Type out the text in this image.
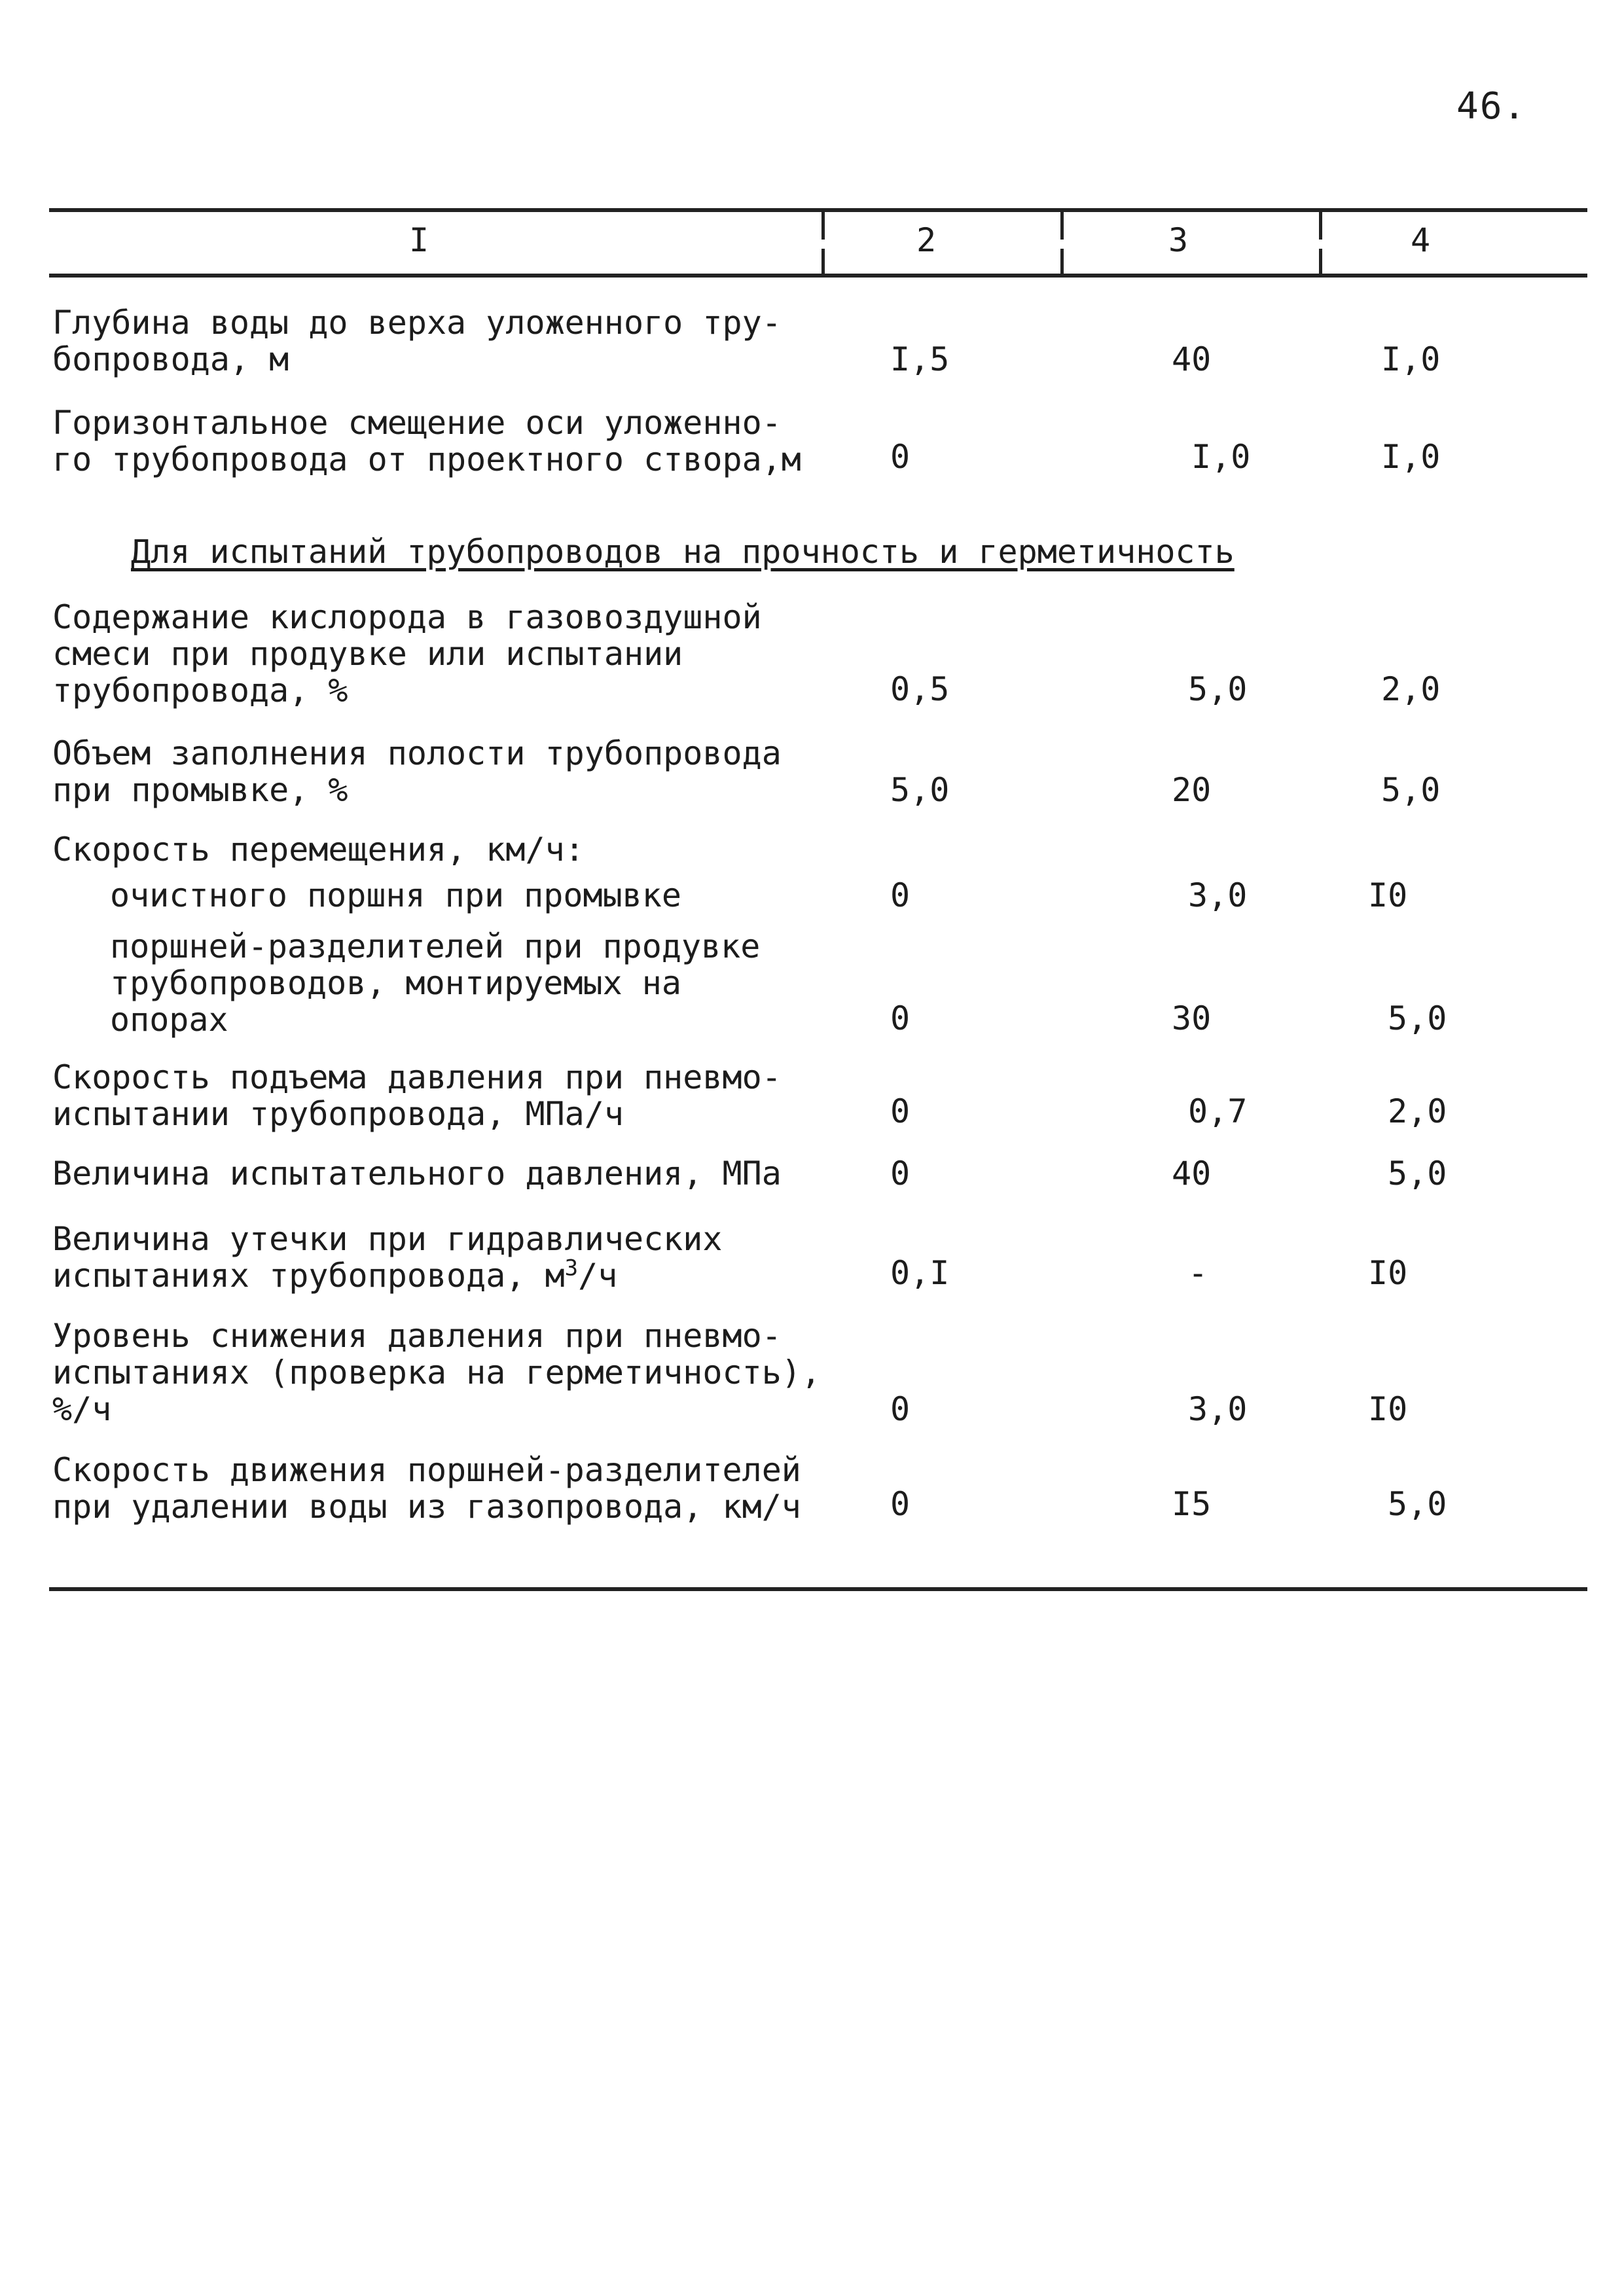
46.
I	2	3	4
Глубина воды до верха уложенного тру-
бопровода, м	I,5	40	I,0
Горизонтальное смещение оси уложенно-
го трубопровода от проектного створа,м	0	I,0	I,0
Для испытаний трубопроводов на прочность и герметичность
Содержание кислорода в газовоздушной
смеси при продувке или испытании
трубопровода, %	0,5	5,0	2,0
Объем заполнения полости трубопровода
при промывке, %	5,0	20	5,0
Скорость перемещения, км/ч:
очистного поршня при промывке	0	3,0	I0
поршней-разделителей при продувке
трубопроводов, монтируемых на
опорах	0	30	5,0
Скорость подъема давления при пневмо-
испытании трубопровода, МПа/ч	0	0,7	2,0
Величина испытательного давления, МПа	0	40	5,0
Величина утечки при гидравлических
испытаниях трубопровода, $м^3/ч$	0,I	-	I0
Уровень снижения давления при пневмо-
испытаниях (проверка на герметичность),
%/ч	0	3,0	I0
Скорость движения поршней-разделителей
при удалении воды из газопровода, км/ч	0	I5	5,0
